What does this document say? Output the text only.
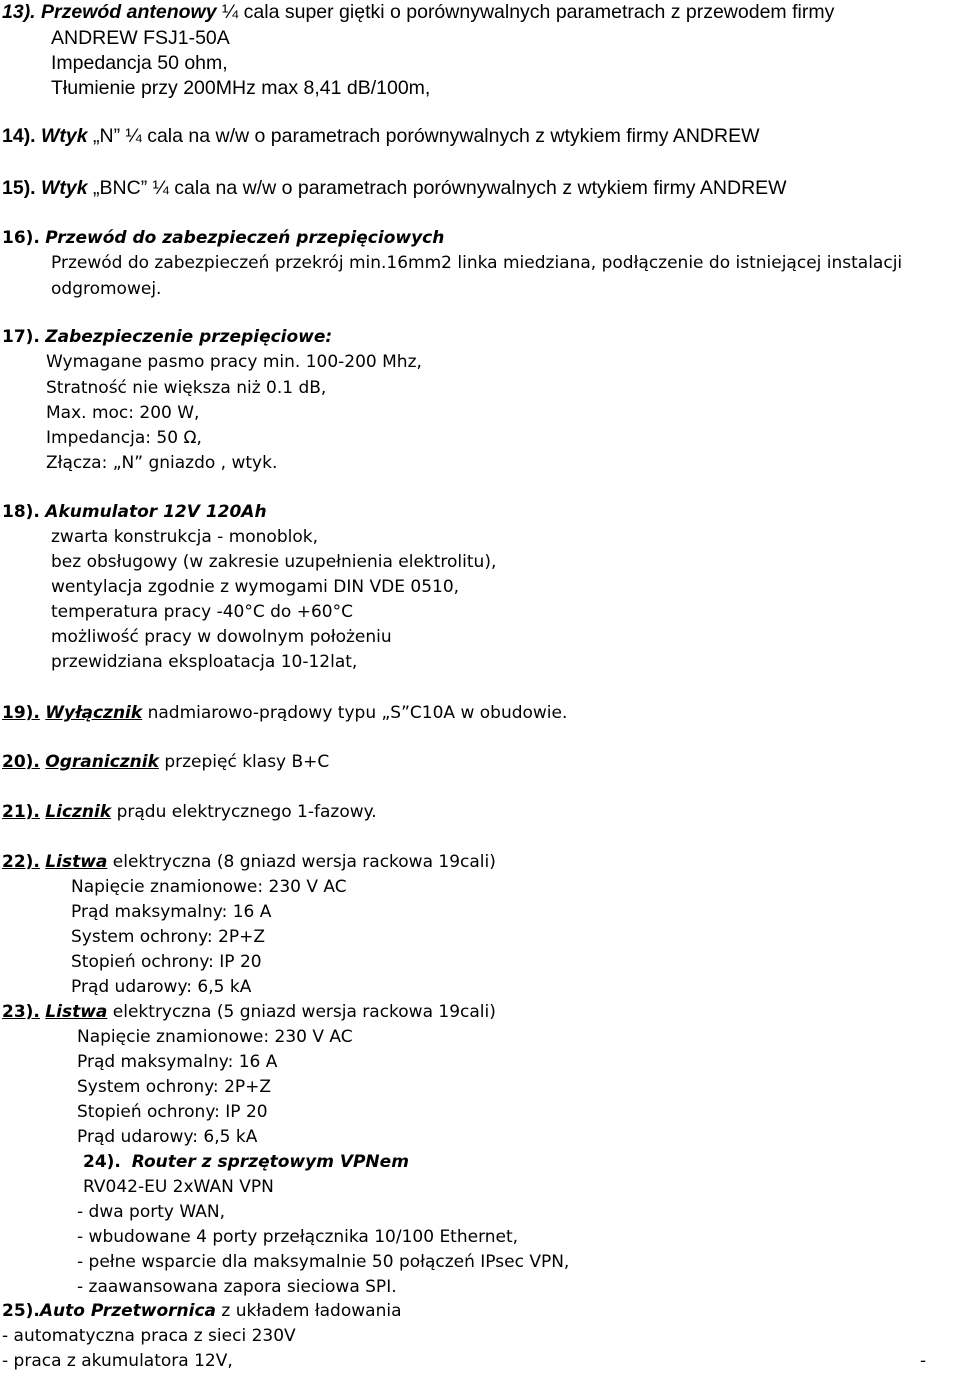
13). Przewód antenowy ¼ cala super giętki o porównywalnych parametrach z przewodem firmy
ANDREW FSJ1-50A
Impedancja 50 ohm,
Tłumienie przy 200MHz max 8,41 dB/100m,
14). Wtyk „N” ¼ cala na w/w o parametrach porównywalnych z wtykiem firmy ANDREW
15). Wtyk „BNC” ¼ cala na w/w o parametrach porównywalnych z wtykiem firmy ANDREW
16). Przewód do zabezpieczeń przepięciowych
Przewód do zabezpieczeń przekrój min.16mm2 linka miedziana, podłączenie do istniejącej instalacji
odgromowej.
17). Zabezpieczenie przepięciowe:
Wymagane pasmo pracy min. 100-200 Mhz,
Stratność nie większa niż 0.1 dB,
Max. moc: 200 W,
Impedancja: 50 Ω,
Złącza: „N” gniazdo , wtyk.
18). Akumulator 12V 120Ah
zwarta konstrukcja - monoblok,
bez obsługowy (w zakresie uzupełnienia elektrolitu),
wentylacja zgodnie z wymogami DIN VDE 0510,
temperatura pracy -40°C do +60°C
możliwość pracy w dowolnym położeniu
przewidziana eksploatacja 10-12lat,
19). Wyłącznik nadmiarowo-prądowy typu „S”C10A w obudowie.
20). Ogranicznik przepięć klasy B+C
21). Licznik prądu elektrycznego 1-fazowy.
22). Listwa elektryczna (8 gniazd wersja rackowa 19cali)
Napięcie znamionowe: 230 V AC
Prąd maksymalny: 16 A
System ochrony: 2P+Z
Stopień ochrony: IP 20
Prąd udarowy: 6,5 kA
23). Listwa elektryczna (5 gniazd wersja rackowa 19cali)
Napięcie znamionowe: 230 V AC
Prąd maksymalny: 16 A
System ochrony: 2P+Z
Stopień ochrony: IP 20
Prąd udarowy: 6,5 kA
24). Router z sprzętowym VPNem
RV042-EU 2xWAN VPN
- dwa porty WAN,
- wbudowane 4 porty przełącznika 10/100 Ethernet,
- pełne wsparcie dla maksymalnie 50 połączeń IPsec VPN,
- zaawansowana zapora sieciowa SPI.
25).Auto Przetwornica z układem ładowania
- automatyczna praca z sieci 230V
- praca z akumulatora 12V,	-
